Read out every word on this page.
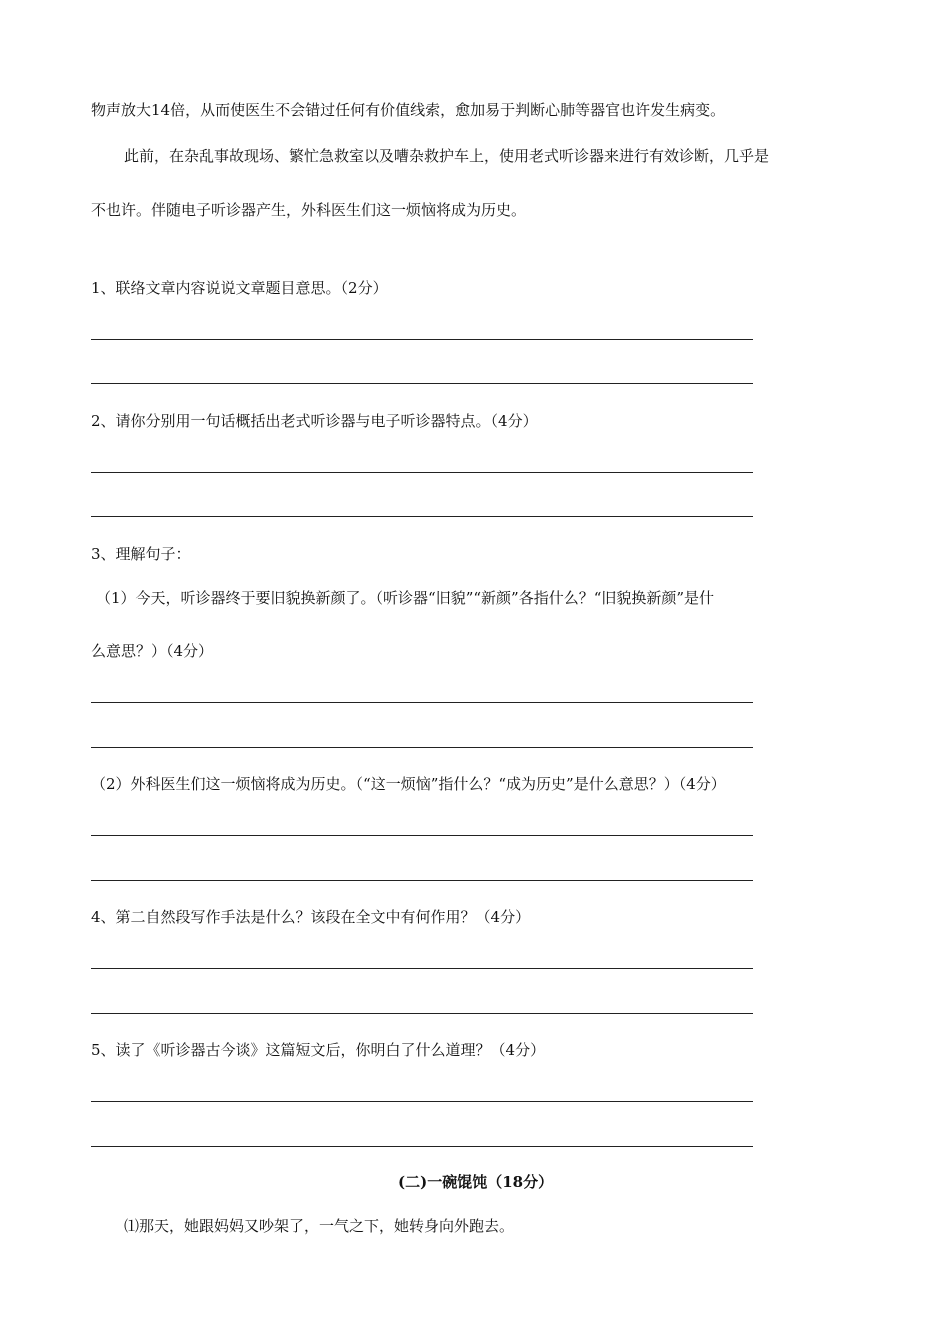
物声放大14倍，从而使医生不会错过任何有价值线索，愈加易于判断心肺等器官也许发生病变。
此前，在杂乱事故现场、繁忙急救室以及嘈杂救护车上，使用老式听诊器来进行有效诊断，几乎是
不也许。伴随电子听诊器产生，外科医生们这一烦恼将成为历史。
1、联络文章内容说说文章题目意思。（2分）
2、请你分别用一句话概括出老式听诊器与电子听诊器特点。（4分）
3、理解句子：
（1）今天，听诊器终于要旧貌换新颜了。（听诊器“旧貌”“新颜”各指什么？“旧貌换新颜”是什
么意思？）（4分）
（2）外科医生们这一烦恼将成为历史。（“这一烦恼”指什么？“成为历史”是什么意思？）（4分）
4、第二自然段写作手法是什么？该段在全文中有何作用？（4分）
5、读了《听诊器古今谈》这篇短文后，你明白了什么道理？（4分）
(二)一碗馄饨（18分）
⑴那天，她跟妈妈又吵架了，一气之下，她转身向外跑去。
